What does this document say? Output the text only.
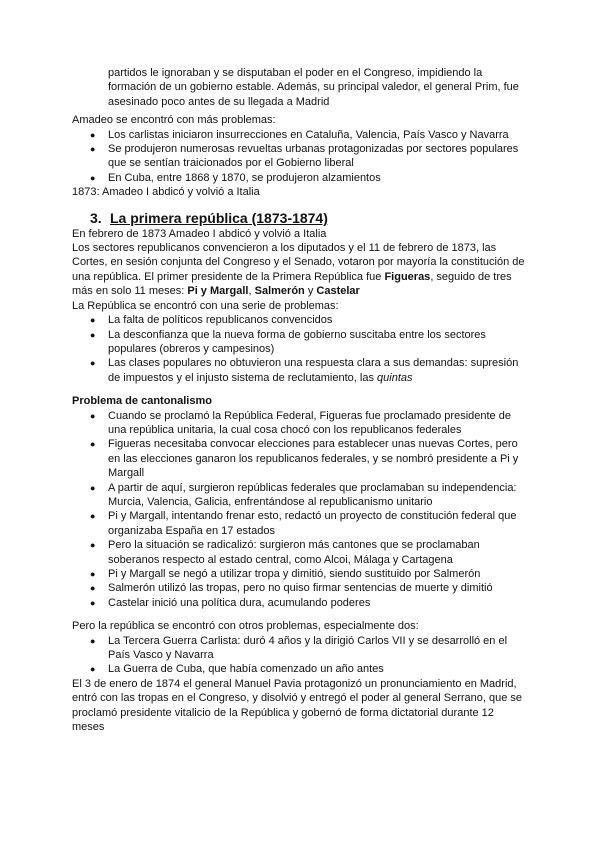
partidos le ignoraban y se disputaban el poder en el Congreso, impidiendo la formación de un gobierno estable. Además, su principal valedor, el general Prim, fue asesinado poco antes de su llegada a Madrid

Amadeo se encontró con más problemas:

● Los carlistas iniciaron insurrecciones en Cataluña, Valencia, País Vasco y Navarra
● Se produjeron numerosas revueltas urbanas protagonizadas por sectores populares que se sentían traicionados por el Gobierno liberal
● En Cuba, entre 1868 y 1870, se produjeron alzamientos

1873: Amadeo I abdicó y volvió a Italia

3. La primera república (1873-1874)

En febrero de 1873 Amadeo I abdicó y volvió a Italia

Los sectores republicanos convencieron a los diputados y el 11 de febrero de 1873, las Cortes, en sesión conjunta del Congreso y el Senado, votaron por mayoría la constitución de una república. El primer presidente de la Primera República fue Figueras, seguido de tres más en solo 11 meses: Pi y Margall, Salmerón y Castelar

La República se encontró con una serie de problemas:

● La falta de políticos republicanos convencidos
● La desconfianza que la nueva forma de gobierno suscitaba entre los sectores populares (obreros y campesinos)
● Las clases populares no obtuvieron una respuesta clara a sus demandas: supresión de impuestos y el injusto sistema de reclutamiento, las quintas
Problema de cantonalismo
● Cuando se proclamó la República Federal, Figueras fue proclamado presidente de una república unitaria, la cual cosa chocó con los republicanos federales
● Figueras necesitaba convocar elecciones para establecer unas nuevas Cortes, pero en las elecciones ganaron los republicanos federales, y se nombró presidente a Pi y Margall
● A partir de aquí, surgieron repúblicas federales que proclamaban su independencia: Murcia, Valencia, Galicia, enfrentándose al republicanismo unitario
● Pi y Margall, intentando frenar esto, redactó un proyecto de constitución federal que organizaba España en 17 estados
● Pero la situación se radicalizó: surgieron más cantones que se proclamaban soberanos respecto al estado central, como Alcoi, Málaga y Cartagena
● Pi y Margall se negó a utilizar tropa y dimitió, siendo sustituido por Salmerón
● Salmerón utilizó las tropas, pero no quiso firmar sentencias de muerte y dimitió
● Castelar inició una política dura, acumulando poderes

Pero la república se encontró con otros problemas, especialmente dos:

● La Tercera Guerra Carlista: duró 4 años y la dirigió Carlos VII y se desarrolló en el País Vasco y Navarra
● La Guerra de Cuba, que había comenzado un año antes

El 3 de enero de 1874 el general Manuel Pavia protagonizó un pronunciamiento en Madrid, entró con las tropas en el Congreso, y disolvió y entregó el poder al general Serrano, que se proclamó presidente vitalicio de la República y gobernó de forma dictatorial durante 12 meses
